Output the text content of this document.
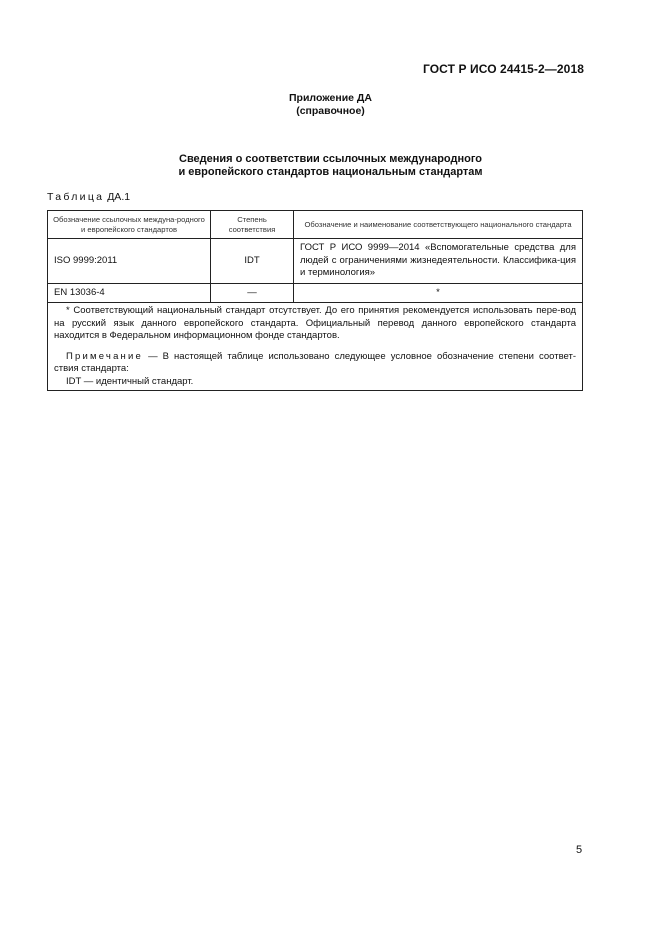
ГОСТ Р ИСО 24415-2—2018
Приложение ДА
(справочное)
Сведения о соответствии ссылочных международного
и европейского стандартов национальным стандартам
Таблица ДА.1
Обозначение ссылочных междуна-родного и европейского стандартов	Степень соответствия	Обозначение и наименование соответствующего национального стандарта
ISO 9999:2011	IDT	ГОСТ Р ИСО 9999—2014 «Вспомогательные средства для людей с ограничениями жизнедеятельности. Классифика-ция и терминология»
EN 13036-4	—	*

* Соответствующий национальный стандарт отсутствует. До его принятия рекомендуется использовать пере-вод на русский язык данного европейского стандарта. Официальный перевод данного европейского стандарта находится в Федеральном информационном фонде стандартов.

Примечание — В настоящей таблице использовано следующее условное обозначение степени соответ-ствия стандарта:

IDT — идентичный стандарт.		

5
